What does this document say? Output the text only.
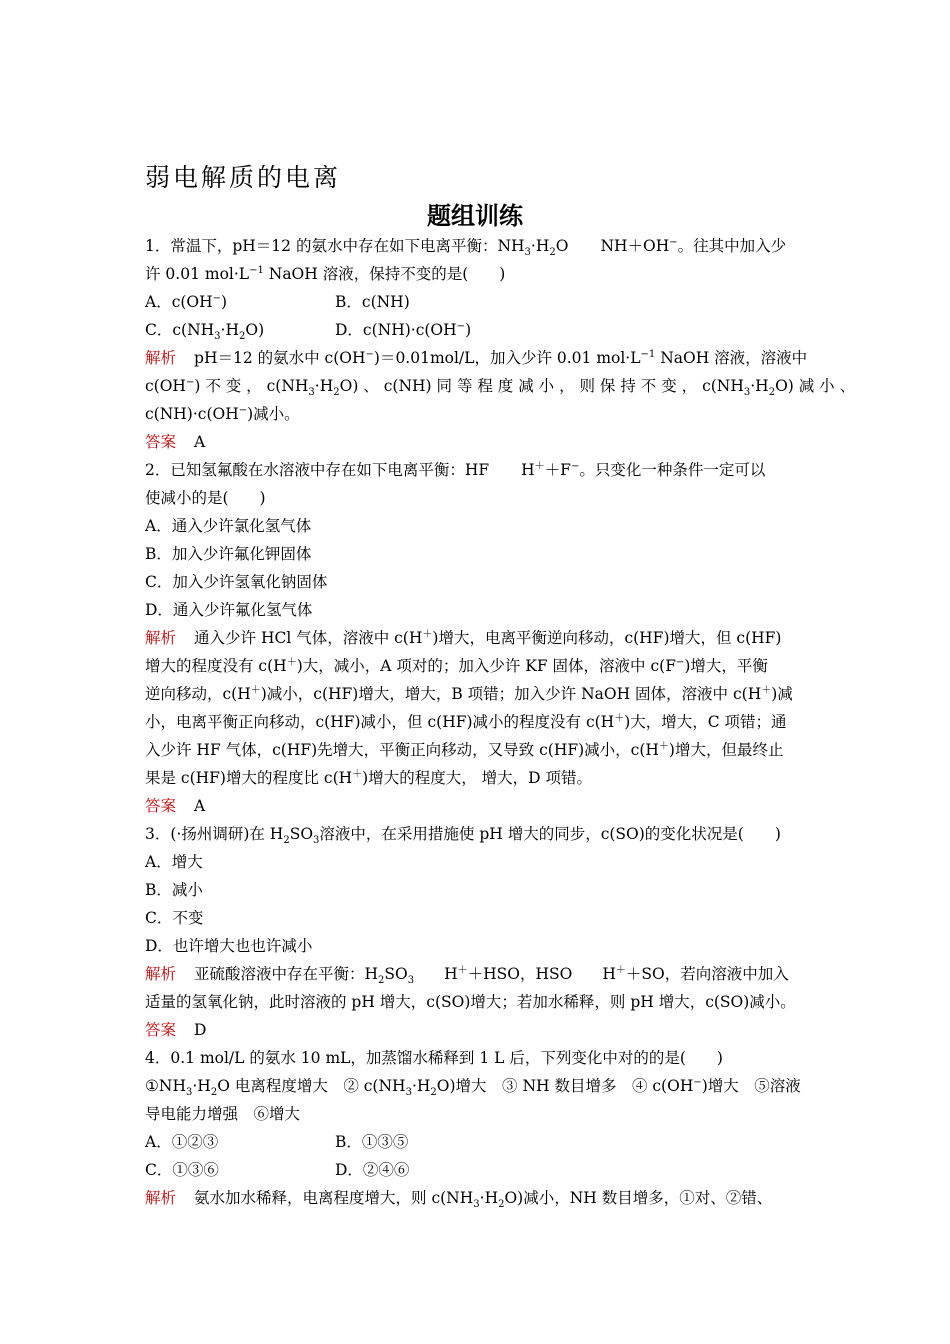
弱电解质的电离
题组训练
1．常温下，pH＝12 的氨水中存在如下电离平衡：$NH_3\cdot H_2O$ NH＋OH−。往其中加入少
许 0.01 $mol\cdot L^{-1}$ NaOH 溶液，保持不变的是(　　)
A．c(OH−)	B．c(NH)
C．$c(NH_3\cdot H_2O)$	D．c(NH)·c(OH−)
解析 pH＝12 的氨水中 c(OH−)＝0.01mol/L，加入少许 0.01 $mol\cdot L^{-1}$ NaOH 溶液，溶液中
c(OH−) 不 变 ， $c(NH_3\cdot H_2O)$ 、 c(NH) 同 等 程 度 减 小 ， 则 保 持 不 变 ， $c(NH_3\cdot H_2O)$ 减 小 、
c(NH)·c(OH−)减小。
答案 A
2．已知氢氟酸在水溶液中存在如下电离平衡：HF H＋＋F−。只变化一种条件一定可以
使减小的是(　　)
A．通入少许氯化氢气体
B．加入少许氟化钾固体
C．加入少许氢氧化钠固体
D．通入少许氟化氢气体
解析 通入少许 HCl 气体，溶液中 c(H＋)增大，电离平衡逆向移动，c(HF)增大，但 c(HF)
增大的程度没有 c(H＋)大，减小，A 项对的；加入少许 KF 固体，溶液中 c(F−)增大，平衡
逆向移动，c(H＋)减小，c(HF)增大，增大，B 项错；加入少许 NaOH 固体，溶液中 c(H＋)减
小，电离平衡正向移动，c(HF)减小，但 c(HF)减小的程度没有 c(H＋)大，增大，C 项错；通
入少许 HF 气体，c(HF)先增大，平衡正向移动，又导致 c(HF)减小，c(H＋)增大，但最终止
果是 c(HF)增大的程度比 c(H＋)增大的程度大， 增大，D 项错。
答案 A
3．(·扬州调研)在 $H_2SO_3$溶液中，在采用措施使 pH 增大的同步，c(SO)的变化状况是(　　)
A．增大
B．减小
C．不变
D．也许增大也也许减小
解析 亚硫酸溶液中存在平衡：$H_2SO_3$ H＋＋HSO，HSO H＋＋SO，若向溶液中加入
适量的氢氧化钠，此时溶液的 pH 增大，c(SO)增大；若加水稀释，则 pH 增大，c(SO)减小。
答案 D
4．0.1 mol/L 的氨水 10 mL，加蒸馏水稀释到 1 L 后，下列变化中对的的是(　　)
$①NH_3\cdot H_2O$ 电离程度增大　② $c(NH_3\cdot H_2O)$增大　③ NH 数目增多　④ c(OH−)增大　⑤溶液
导电能力增强　⑥增大
A．①②③	B．①③⑤
C．①③⑥	D．②④⑥
解析 氨水加水稀释，电离程度增大，则 $c(NH_3\cdot H_2O)$减小，NH 数目增多，①对、②错、
